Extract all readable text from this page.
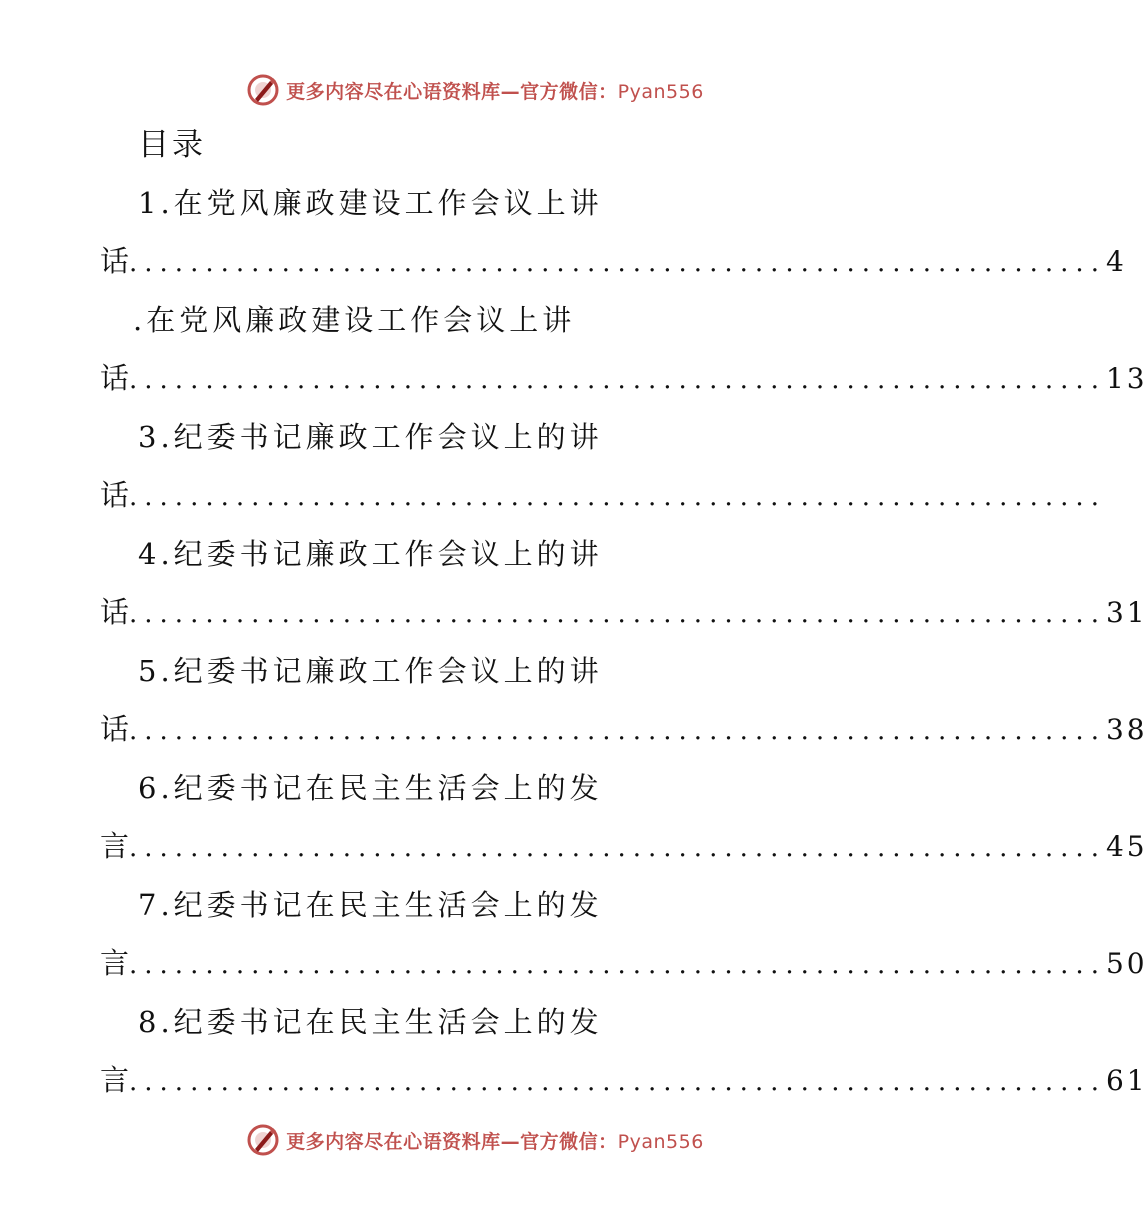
更多内容尽在心语资料库—官方微信：Pyan556
目录
1.在党风廉政建设工作会议上讲
话 ................................................................ 4
.在党风廉政建设工作会议上讲
话 ................................................................ 13
3.纪委书记廉政工作会议上的讲
话 ................................................................
4.纪委书记廉政工作会议上的讲
话 ................................................................ 31
5.纪委书记廉政工作会议上的讲
话 ................................................................ 38
6.纪委书记在民主生活会上的发
言 ................................................................ 45
7.纪委书记在民主生活会上的发
言 ................................................................ 50
8.纪委书记在民主生活会上的发
言 ................................................................ 61
更多内容尽在心语资料库—官方微信：Pyan556
